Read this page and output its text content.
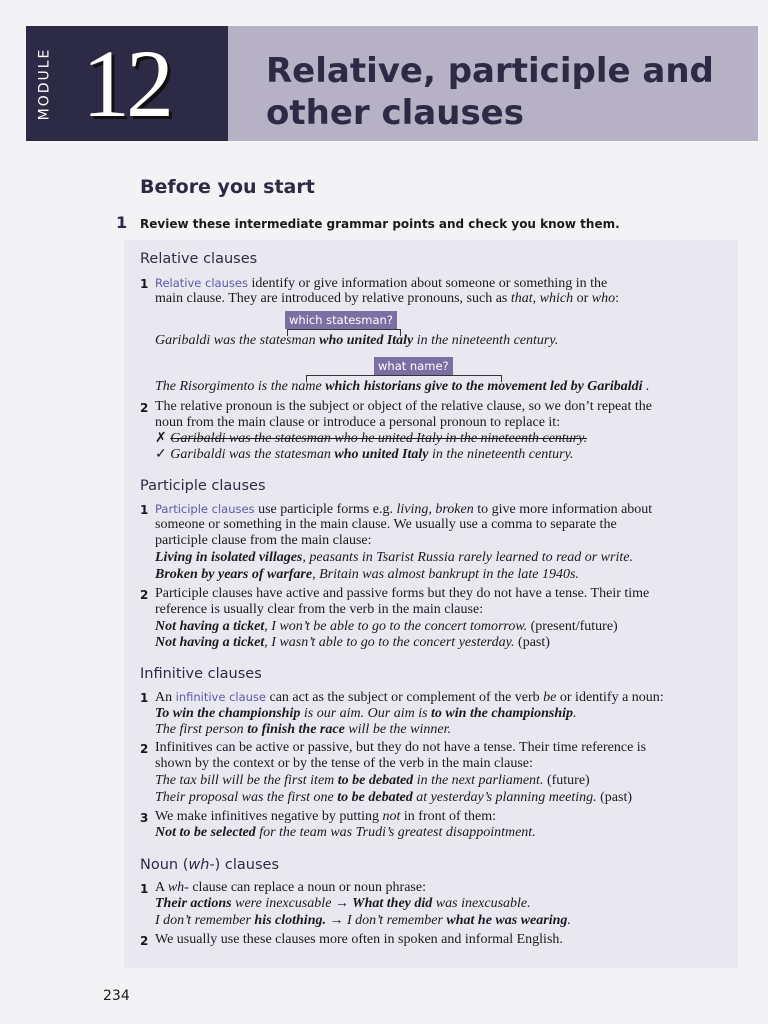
MODULE 12	Relative, participle and
other clauses
Before you start
1 Review these intermediate grammar points and check you know them.
Relative clauses
1 Relative clauses identify or give information about someone or something in the
main clause. They are introduced by relative pronouns, such as that, which or who:
which statesman?
Garibaldi was the statesman who united Italy in the nineteenth century.
what name?
The Risorgimento is the name which historians give to the movement led by Garibaldi .
2 The relative pronoun is the subject or object of the relative clause, so we don’t repeat the
noun from the main clause or introduce a personal pronoun to replace it:
✗ Garibaldi was the statesman who he united Italy in the nineteenth century.
✓ Garibaldi was the statesman who united Italy in the nineteenth century.
Participle clauses
1 Participle clauses use participle forms e.g. living, broken to give more information about
someone or something in the main clause. We usually use a comma to separate the
participle clause from the main clause:
Living in isolated villages, peasants in Tsarist Russia rarely learned to read or write.
Broken by years of warfare, Britain was almost bankrupt in the late 1940s.
2 Participle clauses have active and passive forms but they do not have a tense. Their time
reference is usually clear from the verb in the main clause:
Not having a ticket, I won’t be able to go to the concert tomorrow. (present/future)
Not having a ticket, I wasn’t able to go to the concert yesterday. (past)
Infinitive clauses
1 An infinitive clause can act as the subject or complement of the verb be or identify a noun:
To win the championship is our aim. Our aim is to win the championship.
The first person to finish the race will be the winner.
2 Infinitives can be active or passive, but they do not have a tense. Their time reference is
shown by the context or by the tense of the verb in the main clause:
The tax bill will be the first item to be debated in the next parliament. (future)
Their proposal was the first one to be debated at yesterday’s planning meeting. (past)
3 We make infinitives negative by putting not in front of them:
Not to be selected for the team was Trudi’s greatest disappointment.
Noun (wh-) clauses
1 A wh- clause can replace a noun or noun phrase:
Their actions were inexcusable → What they did was inexcusable.
I don’t remember his clothing. → I don’t remember what he was wearing.
2 We usually use these clauses more often in spoken and informal English.
234
